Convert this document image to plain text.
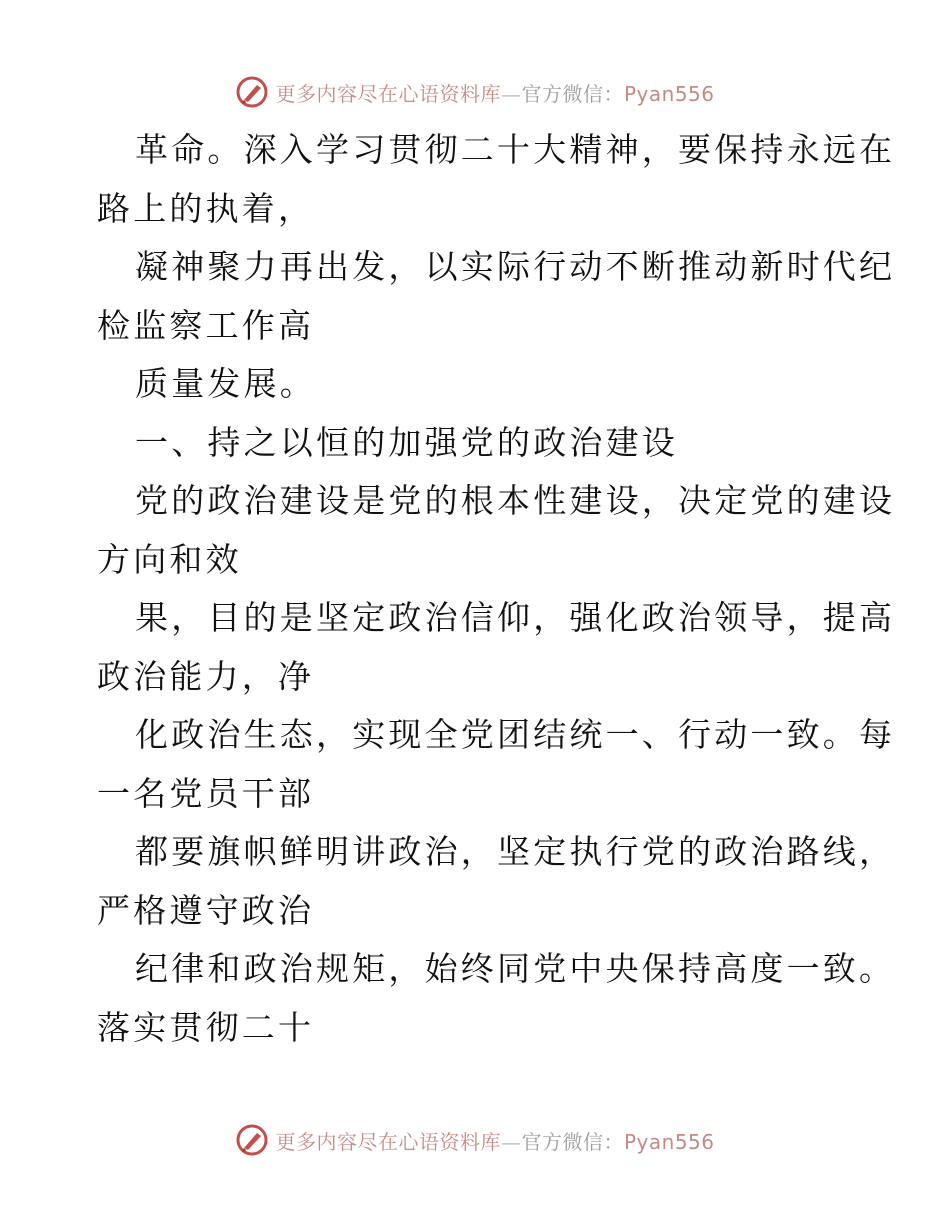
更多内容尽在心语资料库—官方微信：Pyan556
革命。深入学习贯彻二十大精神，要保持永远在
路上的执着，
凝神聚力再出发，以实际行动不断推动新时代纪
检监察工作高
质量发展。
一、持之以恒的加强党的政治建设
党的政治建设是党的根本性建设，决定党的建设
方向和效
果，目的是坚定政治信仰，强化政治领导，提高
政治能力，净
化政治生态，实现全党团结统一、行动一致。每
一名党员干部
都要旗帜鲜明讲政治，坚定执行党的政治路线，
严格遵守政治
纪律和政治规矩，始终同党中央保持高度一致。
落实贯彻二十
更多内容尽在心语资料库—官方微信：Pyan556
